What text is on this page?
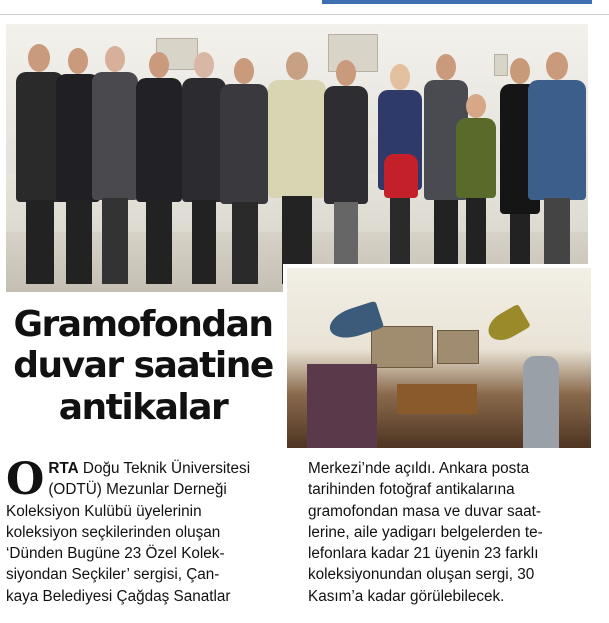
Gramofondan
duvar saatine
antikalar
O RTA Doğu Teknik Üniversitesi
(ODTÜ) Mezunlar Derneği
Koleksiyon Kulübü üyelerinin
koleksiyon seçkilerinden oluşan
‘Dünden Bugüne 23 Özel Kolek-
siyondan Seçkiler’ sergisi, Çan-
kaya Belediyesi Çağdaş Sanatlar
Merkezi’nde açıldı. Ankara posta
tarihinden fotoğraf antikalarına
gramofondan masa ve duvar saat-
lerine, aile yadigarı belgelerden te-
lefonlara kadar 21 üyenin 23 farklı
koleksiyonundan oluşan sergi, 30
Kasım’a kadar görülebilecek.
